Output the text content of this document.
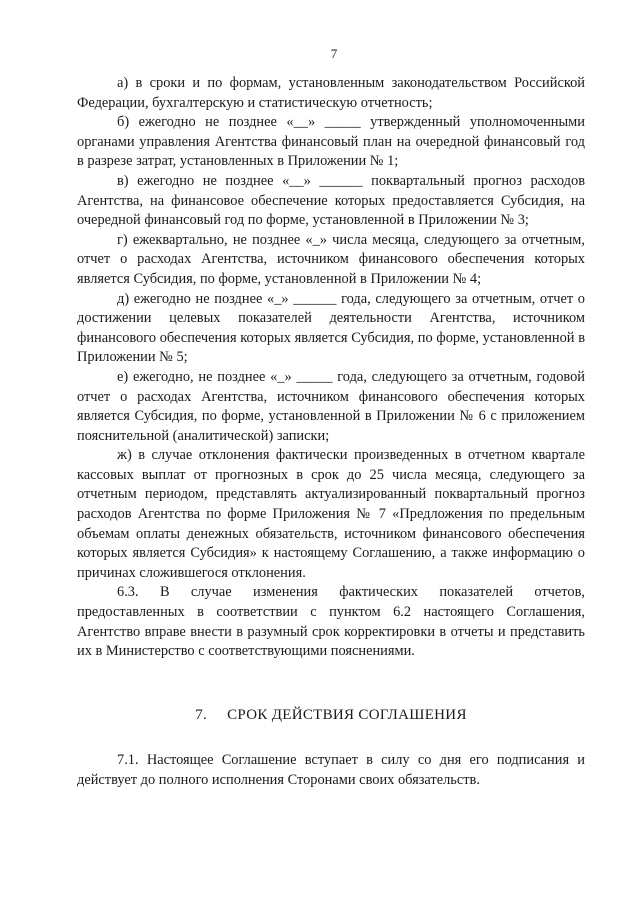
7

а) в сроки и по формам, установленным законодательством Российской Федерации, бухгалтерскую и статистическую отчетность;

б) ежегодно не позднее «__» _____ утвержденный уполномоченными органами управления Агентства финансовый план на очередной финансовый год в разрезе затрат, установленных в Приложении № 1;

в) ежегодно не позднее «__» ______ поквартальный прогноз расходов Агентства, на финансовое обеспечение которых предоставляется Субсидия, на очередной финансовый год по форме, установленной в Приложении № 3;

г) ежеквартально, не позднее «_» числа месяца, следующего за отчетным, отчет о расходах Агентства, источником финансового обеспечения которых является Субсидия, по форме, установленной в Приложении № 4;

д) ежегодно не позднее «_» ______ года, следующего за отчетным, отчет о достижении целевых показателей деятельности Агентства, источником финансового обеспечения которых является Субсидия, по форме, установленной в Приложении № 5;

е) ежегодно, не позднее «_» _____ года, следующего за отчетным, годовой отчет о расходах Агентства, источником финансового обеспечения которых является Субсидия, по форме, установленной в Приложении № 6 с приложением пояснительной (аналитической) записки;

ж) в случае отклонения фактически произведенных в отчетном квартале кассовых выплат от прогнозных в срок до 25 числа месяца, следующего за отчетным периодом, представлять актуализированный поквартальный прогноз расходов Агентства по форме Приложения № 7 «Предложения по предельным объемам оплаты денежных обязательств, источником финансового обеспечения которых является Субсидия» к настоящему Соглашению, а также информацию о причинах сложившегося отклонения.

6.3. В случае изменения фактических показателей отчетов, предоставленных в соответствии с пунктом 6.2 настоящего Соглашения, Агентство вправе внести в разумный срок корректировки в отчеты и представить их в Министерство с соответствующими пояснениями.

7. СРОК ДЕЙСТВИЯ СОГЛАШЕНИЯ

7.1. Настоящее Соглашение вступает в силу со дня его подписания и действует до полного исполнения Сторонами своих обязательств.
